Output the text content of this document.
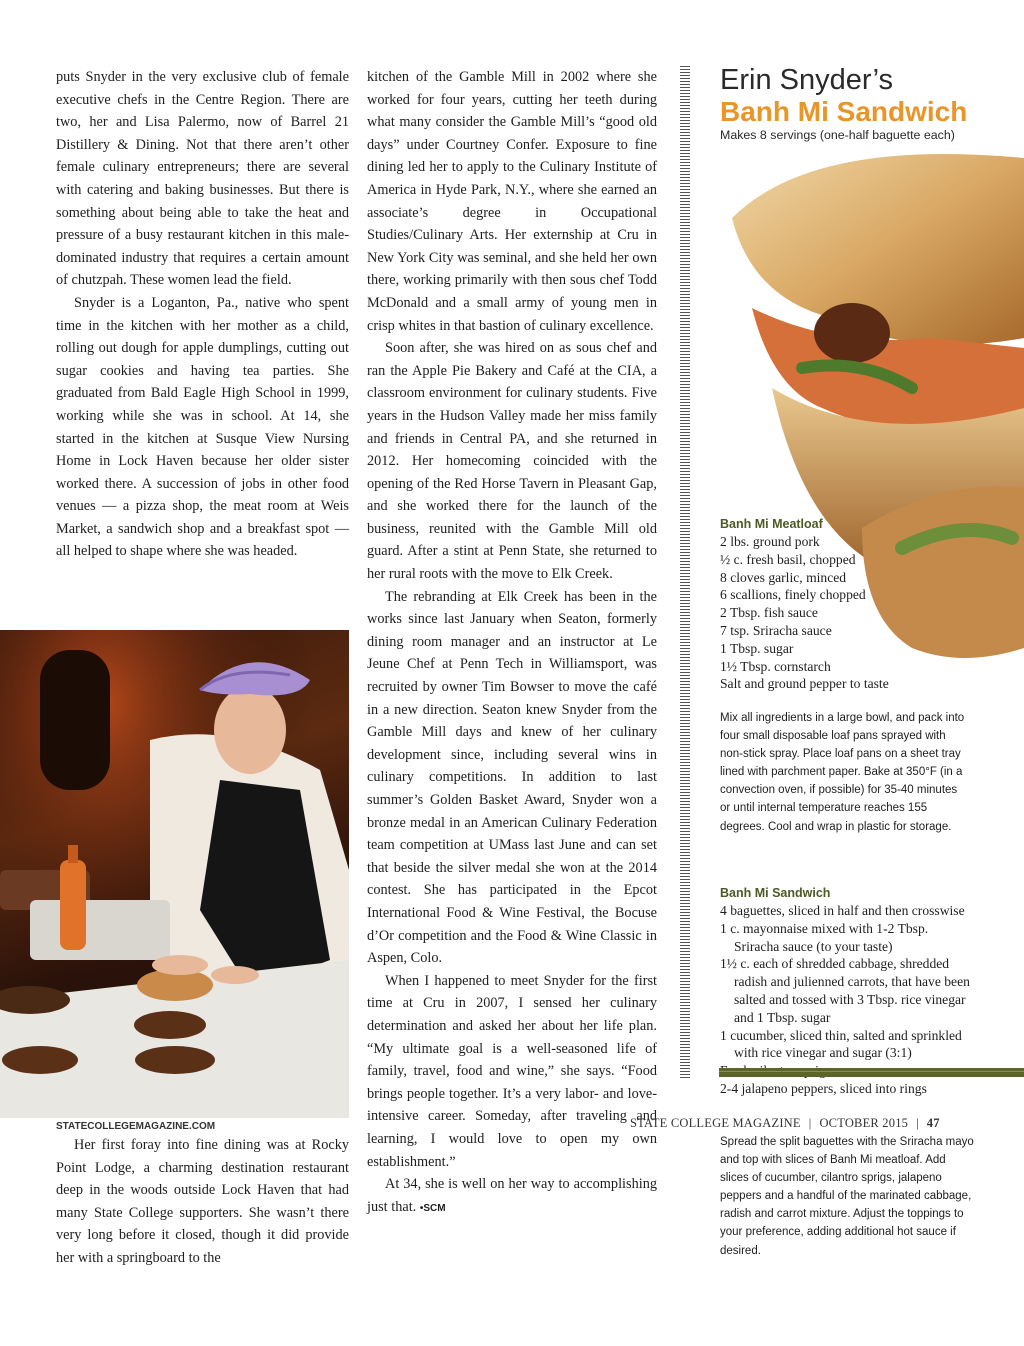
puts Snyder in the very exclusive club of female executive chefs in the Centre Region. There are two, her and Lisa Palermo, now of Barrel 21 Distillery & Dining. Not that there aren’t other female culinary entrepreneurs; there are several with catering and baking businesses. But there is something about being able to take the heat and pressure of a busy restaurant kitchen in this male-dominated industry that requires a certain amount of chutzpah. These women lead the field.

Snyder is a Loganton, Pa., native who spent time in the kitchen with her mother as a child, rolling out dough for apple dumplings, cutting out sugar cookies and having tea parties. She graduated from Bald Eagle High School in 1999, working while she was in school. At 14, she started in the kitchen at Susque View Nursing Home in Lock Haven because her older sister worked there. A succession of jobs in other food venues — a pizza shop, the meat room at Weis Market, a sandwich shop and a breakfast spot — all helped to shape where she was headed.

Her first foray into fine dining was at Rocky Point Lodge, a charming destination restaurant deep in the woods outside Lock Haven that had many State College supporters. She wasn’t there very long before it closed, though it did provide her with a springboard to the

kitchen of the Gamble Mill in 2002 where she worked for four years, cutting her teeth during what many consider the Gamble Mill’s “good old days” under Courtney Confer. Exposure to fine dining led her to apply to the Culinary Institute of America in Hyde Park, N.Y., where she earned an associate’s degree in Occupational Studies/Culinary Arts. Her externship at Cru in New York City was seminal, and she held her own there, working primarily with then sous chef Todd McDonald and a small army of young men in crisp whites in that bastion of culinary excellence.

Soon after, she was hired on as sous chef and ran the Apple Pie Bakery and Café at the CIA, a classroom environment for culinary students. Five years in the Hudson Valley made her miss family and friends in Central PA, and she returned in 2012. Her homecoming coincided with the opening of the Red Horse Tavern in Pleasant Gap, and she worked there for the launch of the business, reunited with the Gamble Mill old guard. After a stint at Penn State, she returned to her rural roots with the move to Elk Creek.

The rebranding at Elk Creek has been in the works since last January when Seaton, formerly dining room manager and an instructor at Le Jeune Chef at Penn Tech in Williamsport, was recruited by owner Tim Bowser to move the café in a new direction. Seaton knew Snyder from the Gamble Mill days and knew of her culinary development since, including several wins in culinary competitions. In addition to last summer’s Golden Basket Award, Snyder won a bronze medal in an American Culinary Federation team competition at UMass last June and can set that beside the silver medal she won at the 2014 contest. She has participated in the Epcot International Food & Wine Festival, the Bocuse d’Or competition and the Food & Wine Classic in Aspen, Colo.

When I happened to meet Snyder for the first time at Cru in 2007, I sensed her culinary determination and asked her about her life plan. “My ultimate goal is a well-seasoned life of family, travel, food and wine,” she says. “Food brings people together. It’s a very labor- and love-intensive career. Someday, after traveling and learning, I would love to open my own establishment.”

At 34, she is well on her way to accomplishing just that. •SCM

Erin Snyder’s
Banh Mi Sandwich
Makes 8 servings (one-half baguette each)
Banh Mi Meatloaf
2 lbs. ground pork
½ c. fresh basil, chopped
8 cloves garlic, minced
6 scallions, finely chopped
2 Tbsp. fish sauce
7 tsp. Sriracha sauce
1 Tbsp. sugar
1½ Tbsp. cornstarch
Salt and ground pepper to taste

Mix all ingredients in a large bowl, and pack into four small disposable loaf pans sprayed with non-stick spray. Place loaf pans on a sheet tray lined with parchment paper. Bake at 350°F (in a convection oven, if possible) for 35-40 minutes or until internal temperature reaches 155 degrees. Cool and wrap in plastic for storage.

Banh Mi Sandwich
4 baguettes, sliced in half and then crosswise
1 c. mayonnaise mixed with 1-2 Tbsp. Sriracha sauce (to your taste)
1½ c. each of shredded cabbage, shredded radish and julienned carrots, that have been salted and tossed with 3 Tbsp. rice vinegar and 1 Tbsp. sugar
1 cucumber, sliced thin, salted and sprinkled with rice vinegar and sugar (3:1)
2-4 jalapeno peppers, sliced into rings

Spread the split baguettes with the Sriracha mayo and top with slices of Banh Mi meatloaf. Add slices of cucumber, cilantro sprigs, jalapeno peppers and a handful of the marinated cabbage, radish and carrot mixture. Adjust the toppings to your preference, adding additional hot sauce if desired.

STATECOLLEGEMAGAZINE.COM	STATE COLLEGE MAGAZINE | OCTOBER 2015 | 47
